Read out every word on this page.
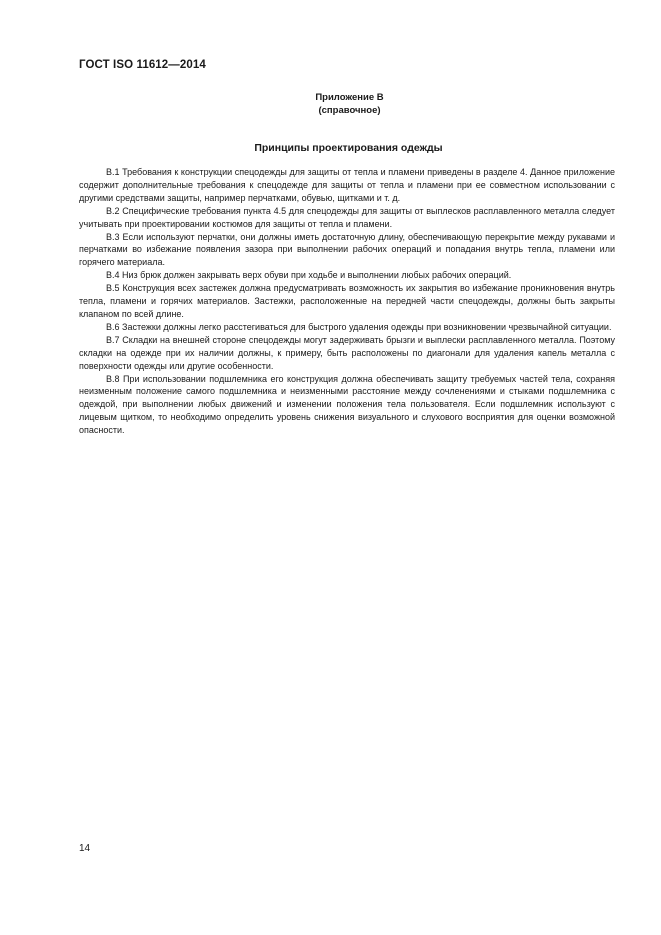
ГОСТ ISO 11612—2014
Приложение В
(справочное)
Принципы проектирования одежды

В.1 Требования к конструкции спецодежды для защиты от тепла и пламени приведены в разделе 4. Данное приложение содержит дополнительные требования к спецодежде для защиты от тепла и пламени при ее совместном использовании с другими средствами защиты, например перчатками, обувью, щитками и т. д.

В.2 Специфические требования пункта 4.5 для спецодежды для защиты от выплесков расплавленного металла следует учитывать при проектировании костюмов для защиты от тепла и пламени.

В.3 Если используют перчатки, они должны иметь достаточную длину, обеспечивающую перекрытие между рукавами и перчатками во избежание появления зазора при выполнении рабочих операций и попадания внутрь тепла, пламени или горячего материала.

В.4 Низ брюк должен закрывать верх обуви при ходьбе и выполнении любых рабочих операций.

В.5 Конструкция всех застежек должна предусматривать возможность их закрытия во избежание проникновения внутрь тепла, пламени и горячих материалов. Застежки, расположенные на передней части спецодежды, должны быть закрыты клапаном по всей длине.

В.6 Застежки должны легко расстегиваться для быстрого удаления одежды при возникновении чрезвычайной ситуации.

В.7 Складки на внешней стороне спецодежды могут задерживать брызги и выплески расплавленного металла. Поэтому складки на одежде при их наличии должны, к примеру, быть расположены по диагонали для удаления капель металла с поверхности одежды или другие особенности.

В.8 При использовании подшлемника его конструкция должна обеспечивать защиту требуемых частей тела, сохраняя неизменным положение самого подшлемника и неизменными расстояние между сочленениями и стыками подшлемника с одеждой, при выполнении любых движений и изменении положения тела пользователя. Если подшлемник используют с лицевым щитком, то необходимо определить уровень снижения визуального и слухового восприятия для оценки возможной опасности.

14
